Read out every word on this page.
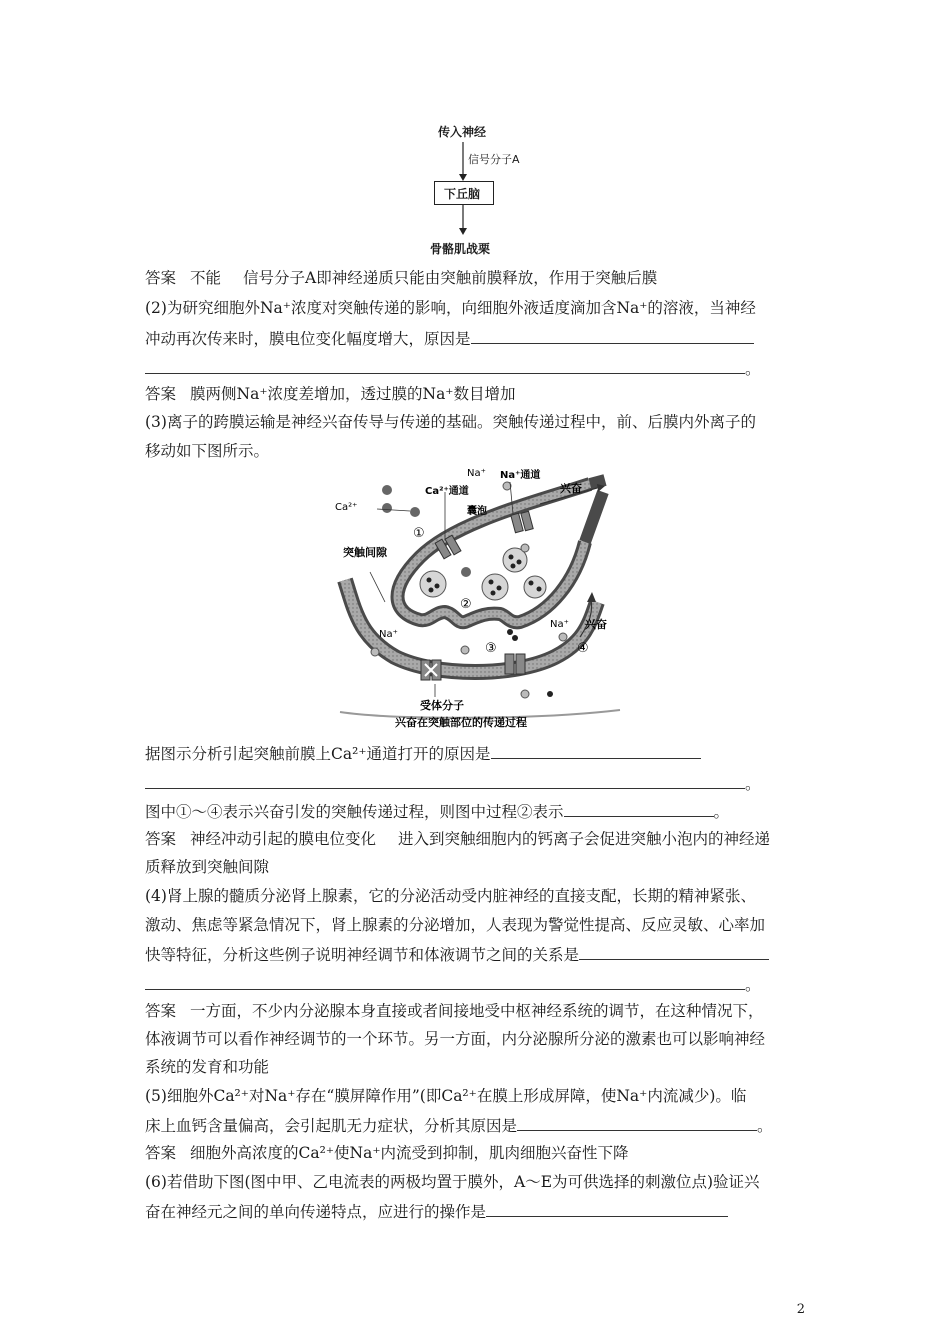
传入神经
信号分子A
下丘脑
骨骼肌战栗
答案 不能 信号分子A即神经递质只能由突触前膜释放，作用于突触后膜
(2)为研究细胞外Na⁺浓度对突触传递的影响，向细胞外液适度滴加含Na⁺的溶液，当神经
冲动再次传来时，膜电位变化幅度增大，原因是
。
答案 膜两侧Na⁺浓度差增加，透过膜的Na⁺数目增加
(3)离子的跨膜运输是神经兴奋传导与传递的基础。突触传递过程中，前、后膜内外离子的
移动如下图所示。
Ca²⁺
Na⁺ Na⁺通道
Ca²⁺通道	兴奋
囊泡
①
突触间隙
②
Na⁺
Na⁺ 兴奋
③	④
受体分子
兴奋在突触部位的传递过程
据图示分析引起突触前膜上Ca²⁺通道打开的原因是
。
图中①～④表示兴奋引发的突触传递过程，则图中过程②表示	。
答案 神经冲动引起的膜电位变化 进入到突触细胞内的钙离子会促进突触小泡内的神经递
质释放到突触间隙
(4)肾上腺的髓质分泌肾上腺素，它的分泌活动受内脏神经的直接支配，长期的精神紧张、
激动、焦虑等紧急情况下，肾上腺素的分泌增加，人表现为警觉性提高、反应灵敏、心率加
快等特征，分析这些例子说明神经调节和体液调节之间的关系是
。
答案 一方面，不少内分泌腺本身直接或者间接地受中枢神经系统的调节，在这种情况下，
体液调节可以看作神经调节的一个环节。另一方面，内分泌腺所分泌的激素也可以影响神经
系统的发育和功能
(5)细胞外Ca²⁺对Na⁺存在“膜屏障作用”(即Ca²⁺在膜上形成屏障，使Na⁺内流减少)。临
床上血钙含量偏高，会引起肌无力症状，分析其原因是	。
答案 细胞外高浓度的Ca²⁺使Na⁺内流受到抑制，肌肉细胞兴奋性下降
(6)若借助下图(图中甲、乙电流表的两极均置于膜外，A～E为可供选择的刺激位点)验证兴
奋在神经元之间的单向传递特点，应进行的操作是
2
